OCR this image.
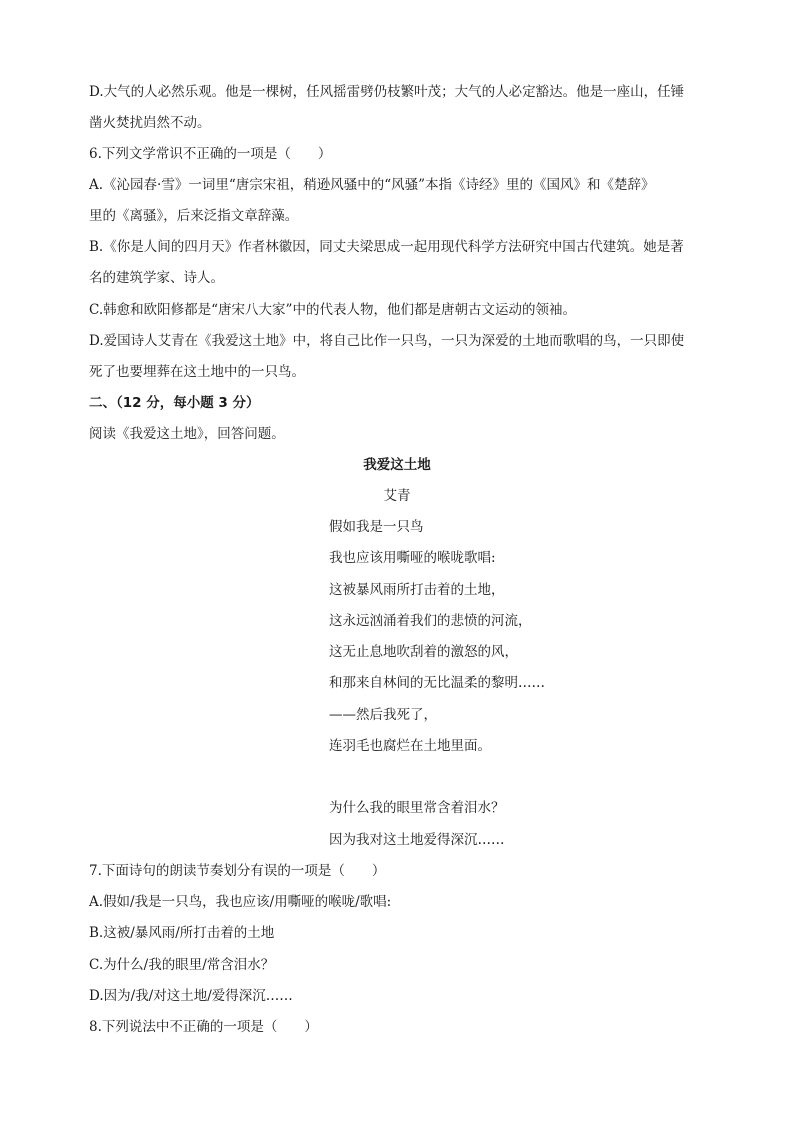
D.大气的人必然乐观。他是一棵树，任风摇雷劈仍枝繁叶茂；大气的人必定豁达。他是一座山，任锤
凿火焚扰岿然不动。
6.下列文学常识不正确的一项是（　　）
A.《沁园春·雪》一词里“唐宗宋祖，稍逊风骚中的“风骚”本指《诗经》里的《国风》和《楚辞》
里的《离骚》，后来泛指文章辞藻。
B.《你是人间的四月天》作者林徽因，同丈夫梁思成一起用现代科学方法研究中国古代建筑。她是著
名的建筑学家、诗人。
C.韩愈和欧阳修都是“唐宋八大家”中的代表人物，他们都是唐朝古文运动的领袖。
D.爱国诗人艾青在《我爱这土地》中，将自己比作一只鸟，一只为深爱的土地而歌唱的鸟，一只即使
死了也要埋葬在这土地中的一只鸟。
二、（12 分，每小题 3 分）
阅读《我爱这土地》，回答问题。
我爱这土地
艾青
假如我是一只鸟
我也应该用嘶哑的喉咙歌唱:
这被暴风雨所打击着的土地，
这永远汹涌着我们的悲愤的河流，
这无止息地吹刮着的激怒的风，
和那来自林间的无比温柔的黎明……
——然后我死了，
连羽毛也腐烂在土地里面。
为什么我的眼里常含着泪水？
因为我对这土地爱得深沉……
7.下面诗句的朗读节奏划分有误的一项是（　　）
A.假如/我是一只鸟，我也应该/用嘶哑的喉咙/歌唱:
B.这被/暴风雨/所打击着的土地
C.为什么/我的眼里/常含泪水？
D.因为/我/对这土地/爱得深沉……
8.下列说法中不正确的一项是（　　）
